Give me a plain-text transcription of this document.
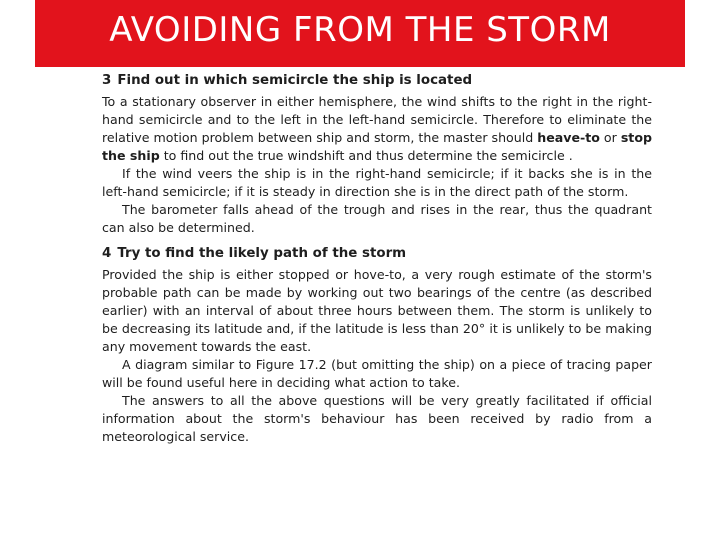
AVOIDING FROM THE STORM
3 Find out in which semicircle the ship is located

To a stationary observer in either hemisphere, the wind shifts to the right in the right-hand semicircle and to the left in the left-hand semicircle. Therefore to eliminate the relative motion problem between ship and storm, the master should heave-to or stop the ship to find out the true windshift and thus determine the semicircle .

If the wind veers the ship is in the right-hand semicircle; if it backs she is in the left-hand semicircle; if it is steady in direction she is in the direct path of the storm.

The barometer falls ahead of the trough and rises in the rear, thus the quadrant can also be determined.

4 Try to find the likely path of the storm

Provided the ship is either stopped or hove-to, a very rough estimate of the storm's probable path can be made by working out two bearings of the centre (as described earlier) with an interval of about three hours between them. The storm is unlikely to be decreasing its latitude and, if the latitude is less than 20° it is unlikely to be making any movement towards the east.

A diagram similar to Figure 17.2 (but omitting the ship) on a piece of tracing paper will be found useful here in deciding what action to take.

The answers to all the above questions will be very greatly facilitated if official information about the storm's behaviour has been received by radio from a meteorological service.
